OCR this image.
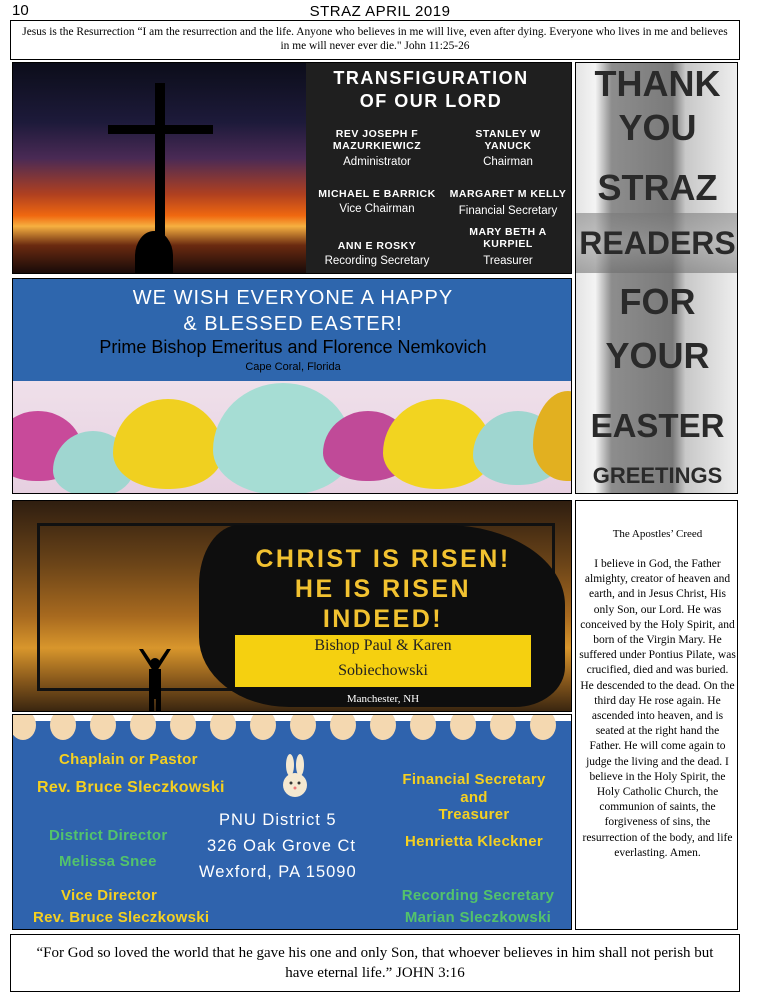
10	STRAZ APRIL 2019
Jesus is the Resurrection “I am the resurrection and the life. Anyone who believes in me will live, even after dying. Everyone who lives in me and believes in me will never ever die." John 11:25-26
TRANSFIGURATION
OF OUR LORD
REV JOSEPH F
MAZURKIEWICZ
Administrator
STANLEY W
YANUCK
Chairman
MICHAEL E BARRICK
Vice Chairman
MARGARET M KELLY
Financial Secretary
ANN E ROSKY
Recording Secretary
MARY BETH A
KURPIEL
Treasurer
THANK
YOU
STRAZ
READERS
FOR
YOUR
EASTER
GREETINGS
WE WISH EVERYONE A HAPPY
& BLESSED EASTER!
Prime Bishop Emeritus and Florence Nemkovich
Cape Coral, Florida
CHRIST IS RISEN!
HE IS RISEN
INDEED!
Bishop Paul & Karen
Sobiechowski
Manchester, NH
Chaplain or Pastor
Rev. Bruce Sleczkowski
District Director
Melissa Snee
Vice Director
Rev. Bruce Sleczkowski
PNU District 5
326 Oak Grove Ct
Wexford, PA 15090
Financial Secretary
and
Treasurer
Henrietta Kleckner
Recording Secretary
Marian Sleczkowski
The Apostles’ Creed
I believe in God, the Father almighty, creator of heaven and earth, and in Jesus Christ, His only Son, our Lord. He was conceived by the Holy Spirit, and born of the Virgin Mary. He suffered under Pontius Pilate, was crucified, died and was buried. He descended to the dead. On the third day He rose again. He ascended into heaven, and is seated at the right hand the Father. He will come again to judge the living and the dead. I believe in the Holy Spirit, the Holy Catholic Church, the communion of saints, the forgiveness of sins, the resurrection of the body, and life everlasting. Amen.
“For God so loved the world that he gave his one and only Son, that whoever believes in him shall not perish but have eternal life.” JOHN 3:16
